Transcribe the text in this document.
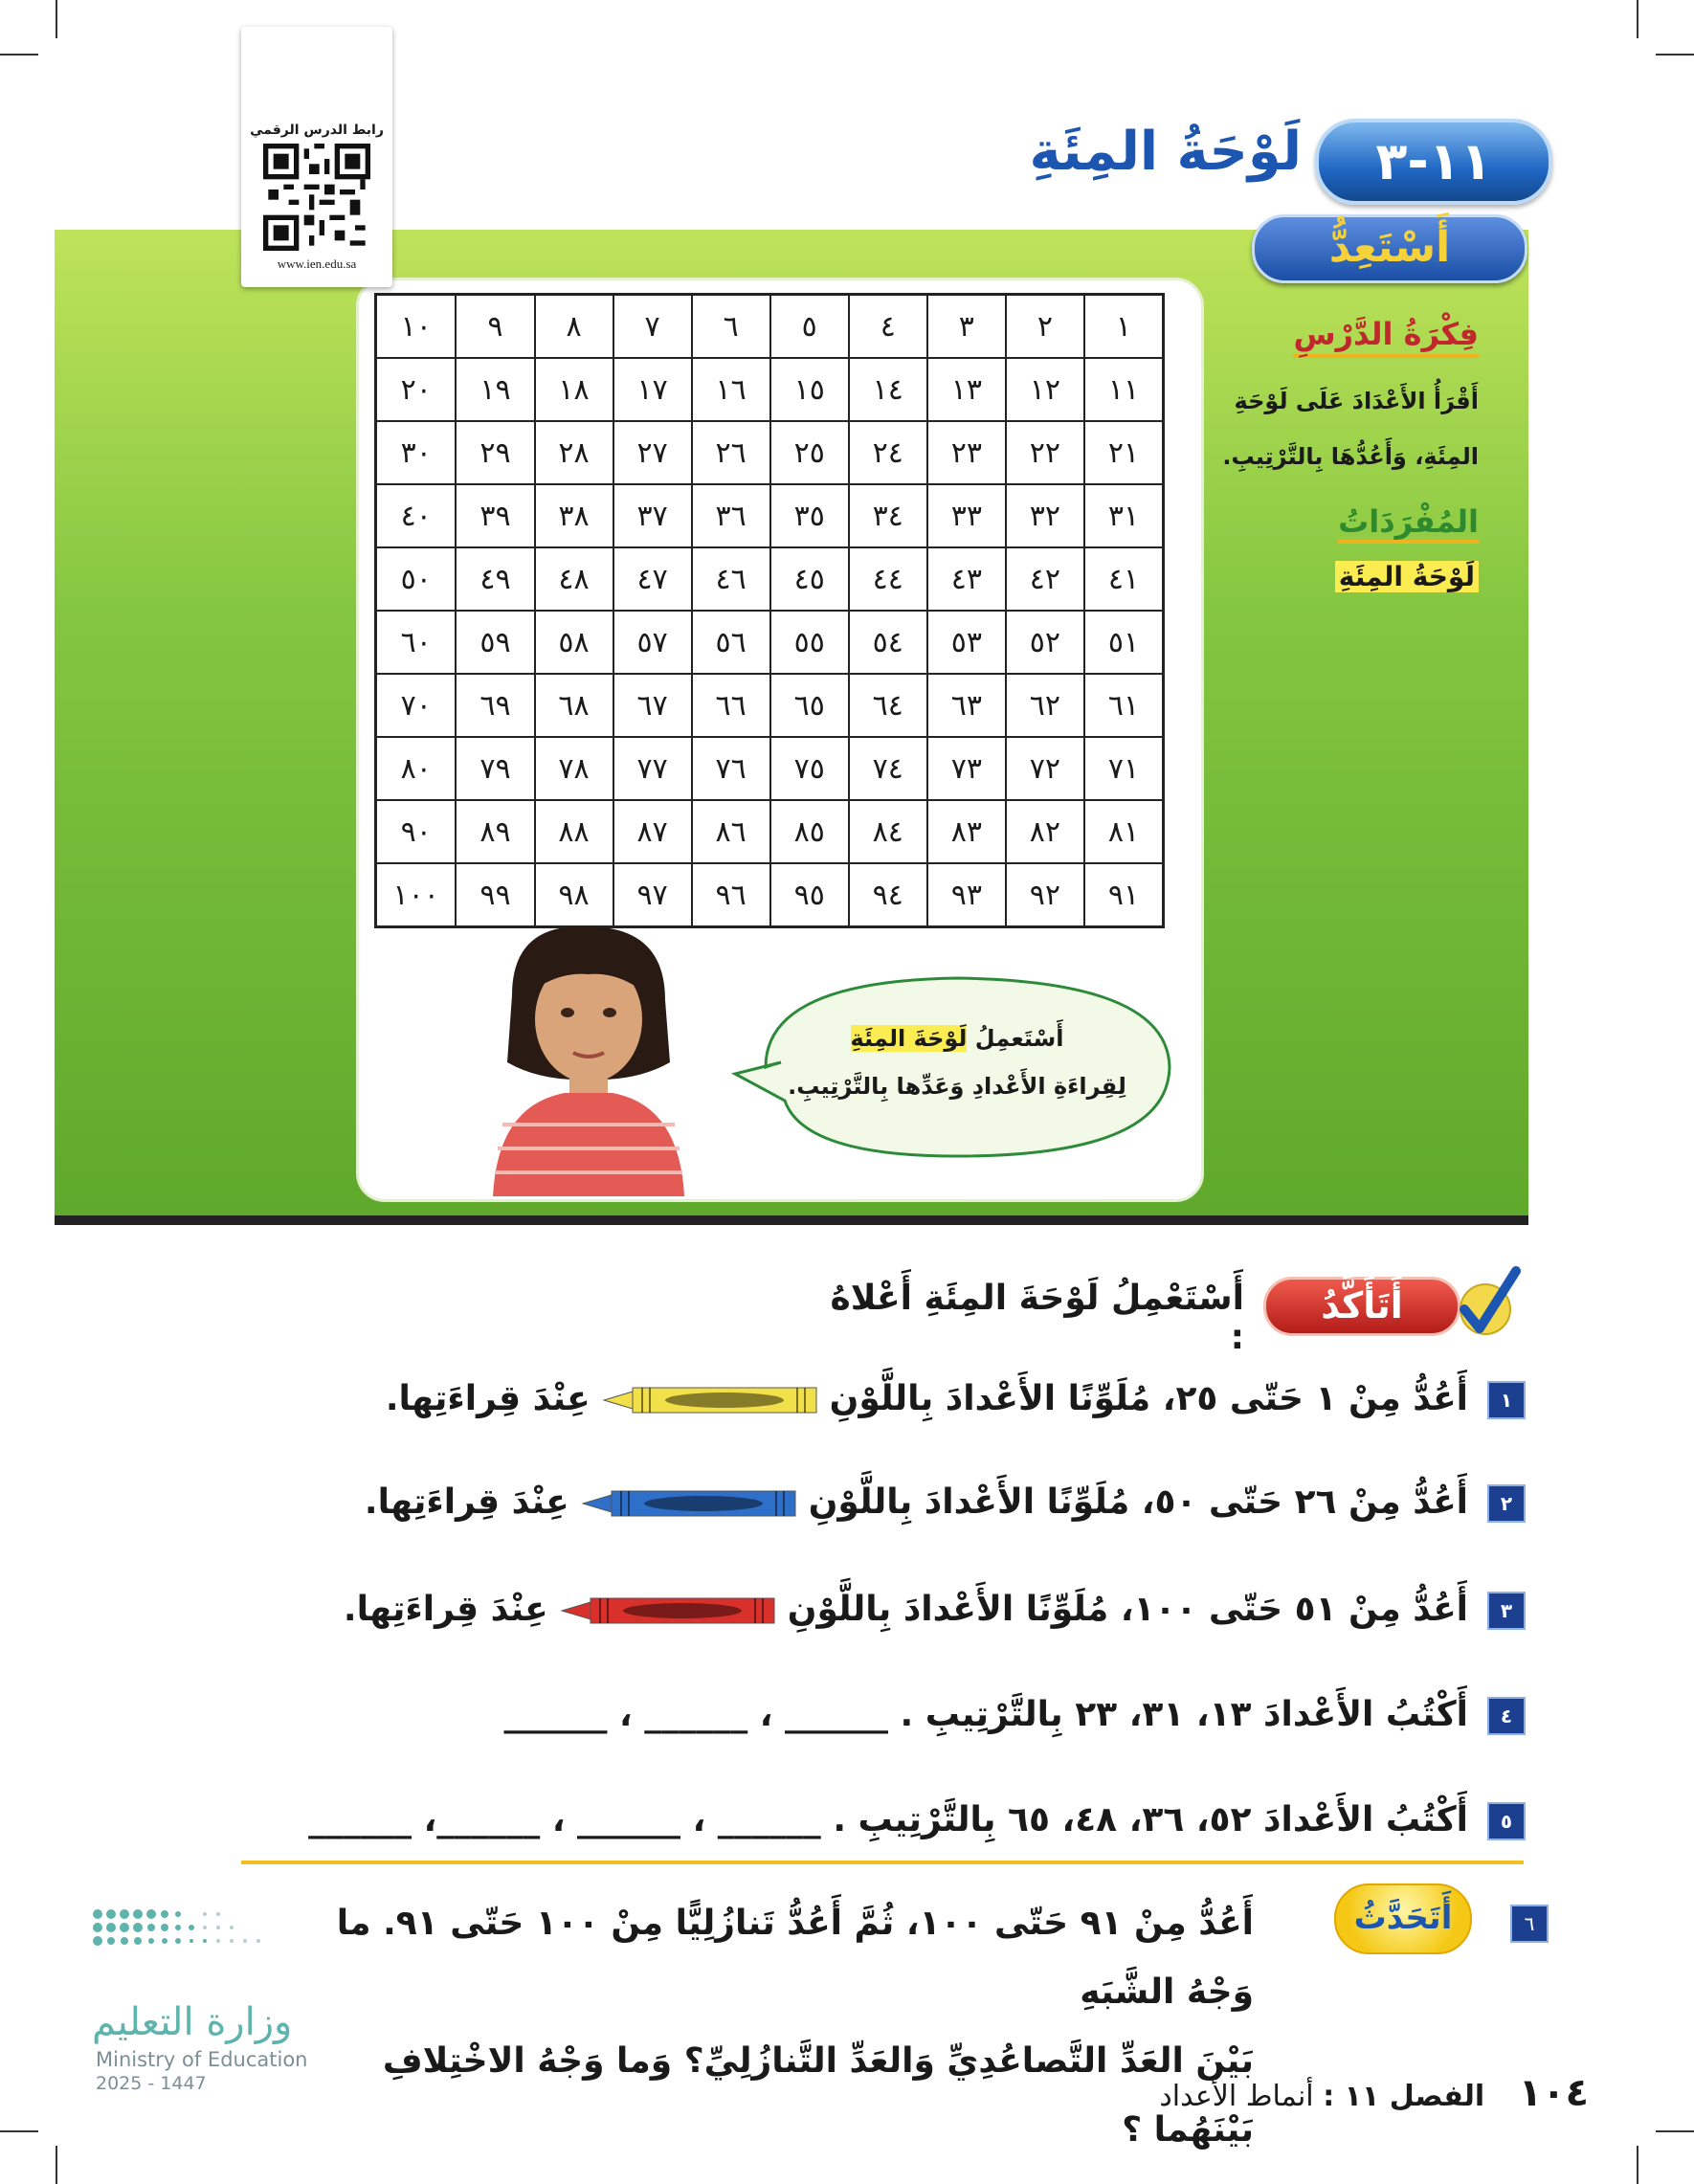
رابط الدرس الرقمي
www.ien.edu.sa
١١-٣
لَوْحَةُ المِئَةِ
أَسْتَعِدُّ
١	٢	٣	٤	٥	٦	٧	٨	٩	١٠
١١	١٢	١٣	١٤	١٥	١٦	١٧	١٨	١٩	٢٠
٢١	٢٢	٢٣	٢٤	٢٥	٢٦	٢٧	٢٨	٢٩	٣٠
٣١	٣٢	٣٣	٣٤	٣٥	٣٦	٣٧	٣٨	٣٩	٤٠
٤١	٤٢	٤٣	٤٤	٤٥	٤٦	٤٧	٤٨	٤٩	٥٠
٥١	٥٢	٥٣	٥٤	٥٥	٥٦	٥٧	٥٨	٥٩	٦٠
٦١	٦٢	٦٣	٦٤	٦٥	٦٦	٦٧	٦٨	٦٩	٧٠
٧١	٧٢	٧٣	٧٤	٧٥	٧٦	٧٧	٧٨	٧٩	٨٠
٨١	٨٢	٨٣	٨٤	٨٥	٨٦	٨٧	٨٨	٨٩	٩٠
٩١	٩٢	٩٣	٩٤	٩٥	٩٦	٩٧	٩٨	٩٩	١٠٠
فِكْرَةُ الدَّرْسِ
أَقْرَأُ الأَعْدَادَ عَلَى لَوْحَةِ المِئَةِ، وَأَعُدُّهَا بِالتَّرْتِيبِ.
المُفْرَدَاتُ
لَوْحَةُ المِئَةِ
أَسْتَعمِلُ لَوْحَةَ المِئَةِ
لِقِراءَةِ الأَعْدادِ وَعَدِّها بِالتَّرْتِيبِ.
أَتَأَكَّدُ
أَسْتَعْمِلُ لَوْحَةَ المِئَةِ أَعْلاهُ :
١أَعُدُّ مِنْ ١ حَتّى ٢٥، مُلَوِّنًا الأَعْدادَ بِاللَّوْنِعِنْدَ قِراءَتِها.
٢أَعُدُّ مِنْ ٢٦ حَتّى ٥٠، مُلَوِّنًا الأَعْدادَ بِاللَّوْنِعِنْدَ قِراءَتِها.
٣أَعُدُّ مِنْ ٥١ حَتّى ١٠٠، مُلَوِّنًا الأَعْدادَ بِاللَّوْنِعِنْدَ قِراءَتِها.
٤أَكْتُبُ الأَعْدادَ ١٣، ٣١، ٢٣ بِالتَّرْتِيبِ . ______ ، ______ ، ______
٥أَكْتُبُ الأَعْدادَ ٥٢، ٣٦، ٤٨، ٦٥ بِالتَّرْتِيبِ . ______ ، ______ ، ______، ______
أَتَحَدَّثُ	٦
أَعُدُّ مِنْ ٩١ حَتّى ١٠٠، ثُمَّ أَعُدُّ تَنازُلِيًّا مِنْ ١٠٠ حَتّى ٩١. ما وَجْهُ الشَّبَهِ
بَيْنَ العَدِّ التَّصاعُدِيِّ وَالعَدِّ التَّنازُلِيِّ؟ وَما وَجْهُ الاخْتِلافِ بَيْنَهُما ؟
وزارة التعليم
Ministry of Education
2025 - 1447	١٠٤ الفصل ١١ : أنماط الأعداد
